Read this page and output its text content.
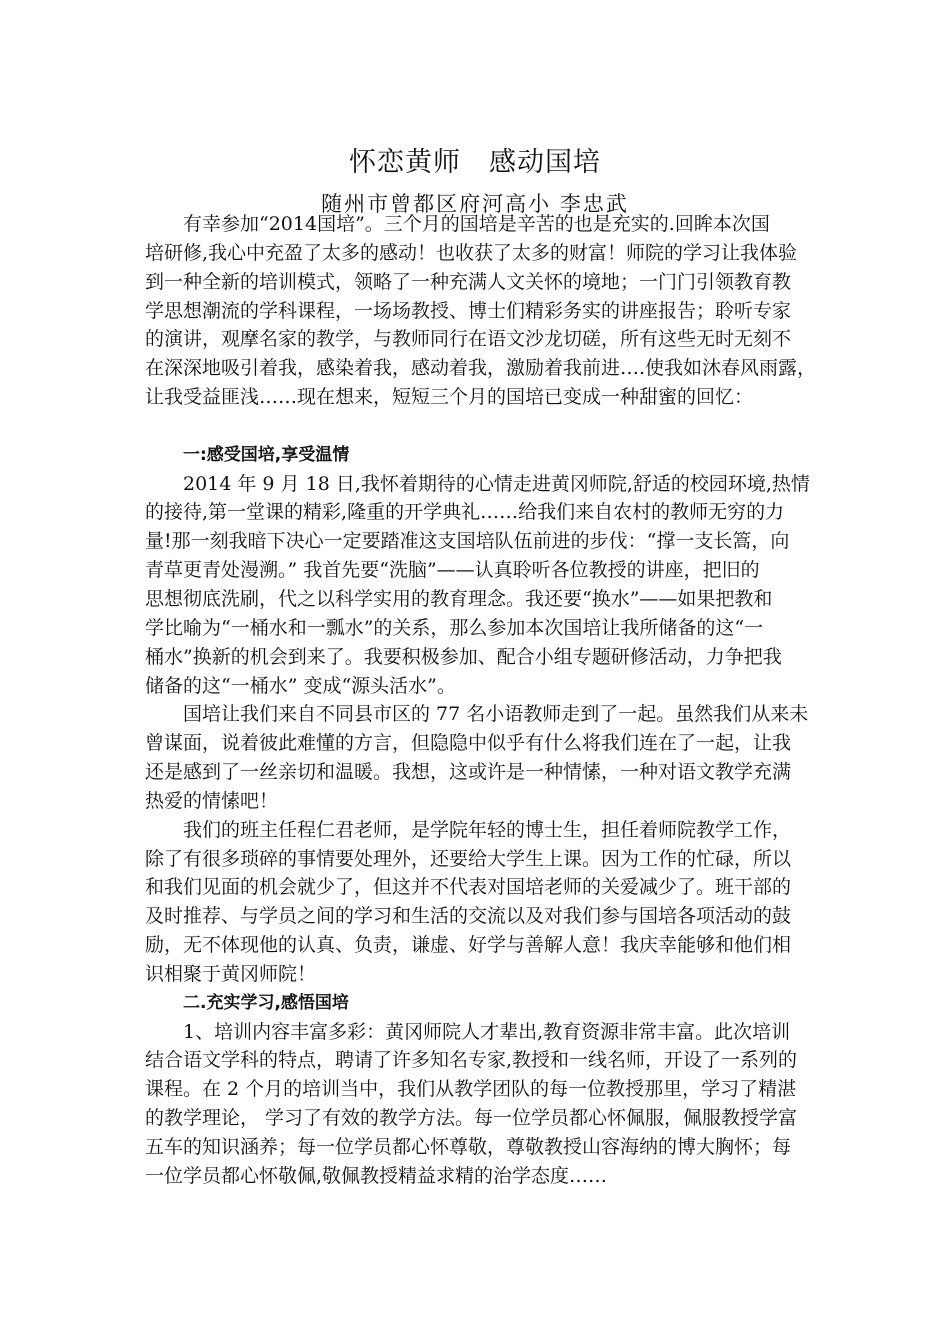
怀恋黄师　感动国培
随州市曾都区府河高小 李忠武
有幸参加“2014国培”。三个月的国培是辛苦的也是充实的.回眸本次国
培研修,我心中充盈了太多的感动！也收获了太多的财富！师院的学习让我体验
到一种全新的培训模式，领略了一种充满人文关怀的境地；一门门引领教育教
学思想潮流的学科课程，一场场教授、博士们精彩务实的讲座报告；聆听专家
的演讲，观摩名家的教学，与教师同行在语文沙龙切磋，所有这些无时无刻不
在深深地吸引着我，感染着我，感动着我，激励着我前进….使我如沐春风雨露，
让我受益匪浅……现在想来，短短三个月的国培已变成一种甜蜜的回忆：
一:感受国培,享受温情
2014 年 9 月 18 日,我怀着期待的心情走进黄冈师院,舒适的校园环境,热情
的接待,第一堂课的精彩,隆重的开学典礼……给我们来自农村的教师无穷的力
量!那一刻我暗下决心一定要踏准这支国培队伍前进的步伐：“撑一支长篙，向
青草更青处漫溯。” 我首先要“洗脑”——认真聆听各位教授的讲座，把旧的
思想彻底洗刷，代之以科学实用的教育理念。我还要“换水”——如果把教和
学比喻为“一桶水和一瓢水”的关系，那么参加本次国培让我所储备的这“一
桶水”换新的机会到来了。我要积极参加、配合小组专题研修活动，力争把我
储备的这“一桶水” 变成“源头活水”。
国培让我们来自不同县市区的 77 名小语教师走到了一起。虽然我们从来未
曾谋面，说着彼此难懂的方言，但隐隐中似乎有什么将我们连在了一起，让我
还是感到了一丝亲切和温暖。我想，这或许是一种情愫，一种对语文教学充满
热爱的情愫吧！
我们的班主任程仁君老师，是学院年轻的博士生，担任着师院教学工作，
除了有很多琐碎的事情要处理外，还要给大学生上课。因为工作的忙碌，所以
和我们见面的机会就少了，但这并不代表对国培老师的关爱减少了。班干部的
及时推荐、与学员之间的学习和生活的交流以及对我们参与国培各项活动的鼓
励，无不体现他的认真、负责，谦虚、好学与善解人意！我庆幸能够和他们相
识相聚于黄冈师院！
二.充实学习,感悟国培
1、培训内容丰富多彩：黄冈师院人才辈出,教育资源非常丰富。此次培训
结合语文学科的特点，聘请了许多知名专家,教授和一线名师，开设了一系列的
课程。在 2 个月的培训当中，我们从教学团队的每一位教授那里，学习了精湛
的教学理论， 学习了有效的教学方法。每一位学员都心怀佩服，佩服教授学富
五车的知识涵养；每一位学员都心怀尊敬，尊敬教授山容海纳的博大胸怀；每
一位学员都心怀敬佩,敬佩教授精益求精的治学态度……
